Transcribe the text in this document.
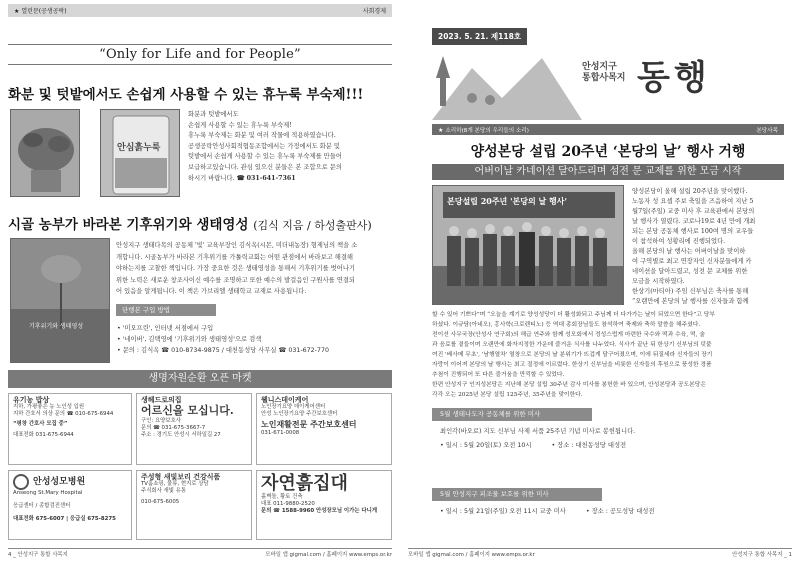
★ 열린문(공생공락)	사회경제
“Only for Life and for People”
화분 및 텃밭에서도 손쉽게 사용할 수 있는 휴누룩 부숙제!!!
안심흙누룩
화분과 텃밭에서도
손쉽게 사용할 수 있는 휴누룩 부숙제!
휴누룩 부숙제는 화분 및 여러 작물에 적용하였습니다.
공생공락안성사회적협동조합에서는 가정에서도 화분 및
텃밭에서 손쉽게 사용할 수 있는 휴누룩 부숙제를 만들어
보급하고있습니다. 관심 있으신 분들은 본 조합으로 문의
하시기 바랍니다. ☎ 031-641-7361
시골 농부가 바라본 기후위기와 생태영성 (김식 지음 / 하성출판사)
기후위기와 생태영성
안성지구 생태다목의 공동체 '빛' 교육부장인 김식옥(시몬, 미더내농장) 형제님의 책을 소
개합니다. 시골농부가 바라본 기후위기를 가톨릭교회는 어떤 관점에서 바라보고 해결해
야하는지를 고찰한 책입니다. 가장 중요한 것은 생태영성을 통해서 기후위기를 벗어나기
위한 노력은 새로운 창조사이신 예수를 조명하고 또한 예수의 발걸음인 구원사를 연결되
어 있음을 알게됩니다. 이 책은 가브리엘 생태학교 교재로 사용됩니다.
단행본 구입 방법
• '미오프린', 인터넷 서점에서 구입
• '네이버', 김택영에 '기후위기와 생태영성'으로 검색
• 문의 : 김식옥 ☎ 010-8734-9875 / 대천동성당 사무실 ☎ 031-672-770
생명자원순환 오픈 마켓
유기농 밥상
지하, 가평좋은 농 노인성 입원
지하 간호서 의상 문의 ☎ 010-675-6944
“평창 간호사 모집 중”
대표전화 031-675-6944
생헤드로의집
어르신을 모십니다.
구인: 요양보호사
문의 ☎ 031-675-3667-7
주소 : 경기도 안성시 서하일길 27
웰니스데이케어
노인장기요양 데이케어센터
안성 노인장기요양 주간보호센터
노인재활전문 주간보호센터
031-671-0008
안성성모병원
Anseong St.Mary Hospital
응급센터 / 종합검진센터
대표전화 675-6007 | 응급실 675-8275
주성형 새빛보리 건강식품
TV홈쇼핑, 물류, 현지로 상담
주식회사 새빛 유통
010-675-6005
자연흙집대
흙벽돌, 황토 건축
대표 011-9880-2520
문의 ☎ 1588-9960 안성장모님 이가는 다니게
4 _ 안성지구 통합 사목지	모바일 앱 gigmal.com / 홈페이지 www.emps.or.kr
2023. 5. 21. 제118호
안성지구
통합사목지 동행
★ 소리하(8개 본당의 우리들의 소리)	본당사목
양성본당 설립 20주년 ‘본당의 날’ 행사 거행
어버이날 카네이션 달아드리며 섬전 문 교제를 위한 모금 시작
본당설립 20주년 '본당의 날 행사'
양성본당이 올해 설립 20주년을 맞이했다.
노동자 성 요셉 주보 축일을 즈음하여 지난 5
월7일(주일) 교중 미사 후 교육관에서 본당의
날 행사가 열렸다. 코로나19로 4년 만에 개최
되는 본당 공동체 행사로 100여 명의 교우들
이 참석하여 성황리에 진행되었다.
올해 본당의 날 행사는 어버이날을 맞이하
여 구역별로 최고 연장자인 신자분들에게 카
네이션을 달아드렸고, 성전 문 교체를 위한
모금을 시작하였다.
한상기(마티아) 주임 신부님은 축사를 통해
“오랜만에 본당의 날 행사를 신자들과 함께
할 수 있어 기쁘다”며 “오늘을 계기로 양성성당이 더 활성화되고 주님께 더 다가가는 날이 되었으면 한다”고 당부
하셨다. 이규담(아네오), 홍사학(크로렌티노) 등 역대 총회장님들도 참석하여 축제와 축하 말씀을 해주셨다.
전이선 사무국장(안성사 연구회)의 해급 연주와 함께 성모회에서 정성스럽게 마련한 국수와 떡과 수육, 떡, 술
과 음료를 곁들이며 오랜만에 화자지정한 가운데 즐거운 식사를 나누었다. 식사가 끝난 뒤 한상기 신부님의 덧붙
여진 '베사메 무초', '남행열차' 열창으로 본당의 날 분위기가 뜨겁게 달구어졌으며, 이에 뒤질세라 신자들의 장기
자랑이 이어져 본당의 날 행사는 최고 절정에 이르렀다. 한상기 신부님을 비롯한 신자들의 후원으로 풍성한 경품
추첨이 진행되어 또 다른 즐거움을 만끽할 수 있었다.
한편 안성지구 인지성본당은 지난해 본당 설립 30주년 감사 미사를 봉헌한 바 있으며, 안성본당과 공도본당은
각각 오는 2025년 본당 설립 125주년, 35주년을 맞이한다.
5월 생태나도자 공동체를 위한 미사
최인각(바오로) 지도 신부님 사제 서품 25주년 기념 미사로 봉헌됩니다.
• 일시 : 5월 20일(토) 오전 10시          • 장소 : 대천동성당 대성전
5월 안성지구 피조물 보호를 위한 미사
• 일시 : 5월 21일(주일) 오전 11시 교중 미사          • 장소 : 공도성당 대성전
모바일 앱 gigmal.com / 홈페이지 www.emps.or.kr	안성지구 통합 사목지 _ 1
